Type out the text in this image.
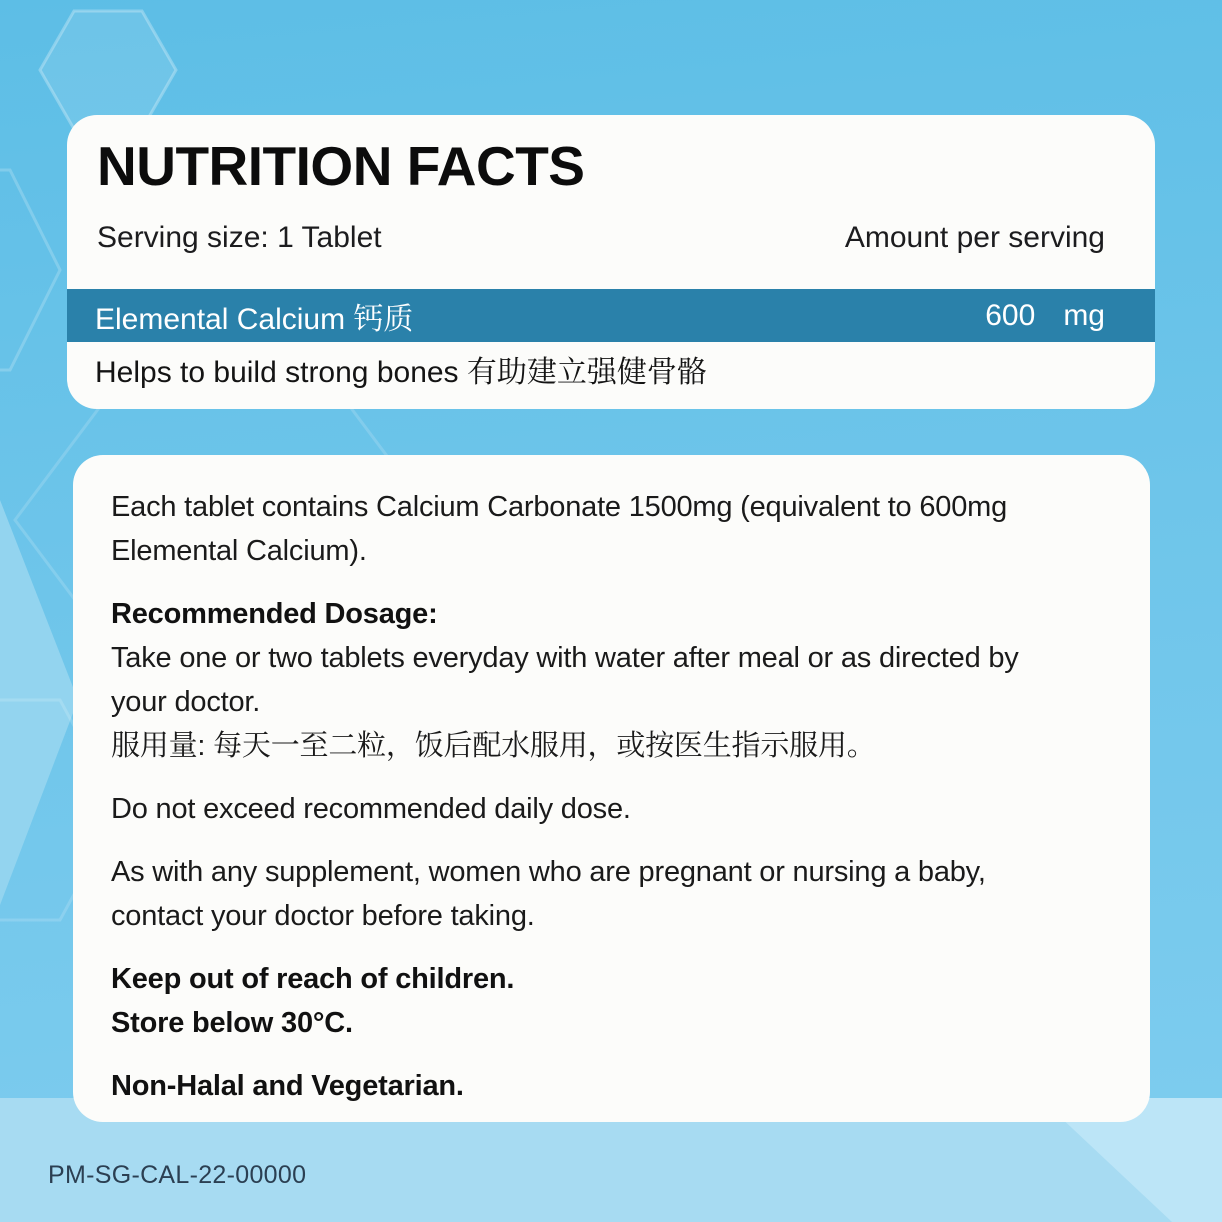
NUTRITION FACTS
Serving size: 1 Tablet	Amount per serving
Elemental Calcium 钙质	600 mg
Helps to build strong bones 有助建立强健骨骼
Each tablet contains Calcium Carbonate 1500mg (equivalent to 600mg
Elemental Calcium).
Recommended Dosage:
Take one or two tablets everyday with water after meal or as directed by
your doctor.
服用量: 每天一至二粒，饭后配水服用，或按医生指示服用。
Do not exceed recommended daily dose.
As with any supplement, women who are pregnant or nursing a baby,
contact your doctor before taking.
Keep out of reach of children.
Store below 30°C.
Non-Halal and Vegetarian.
PM-SG-CAL-22-00000
